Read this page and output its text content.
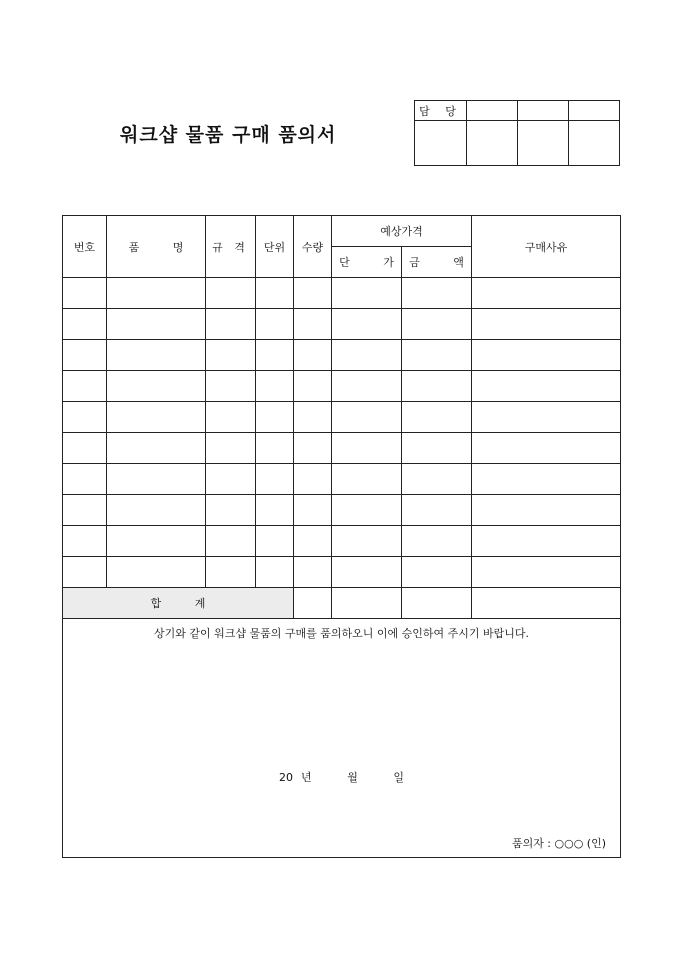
워크샵 물품 구매 품의서
담 당			

번호	품 명	규 격	단위	수량	예상가격		구매사유
					단 가	금 액	

합 계							

상기와 같이 워크샵 물품의 구매를 품의하오니 이에 승인하여 주시기 바랍니다.
20 년 월 일
품의자 : ○○○ (인)							
